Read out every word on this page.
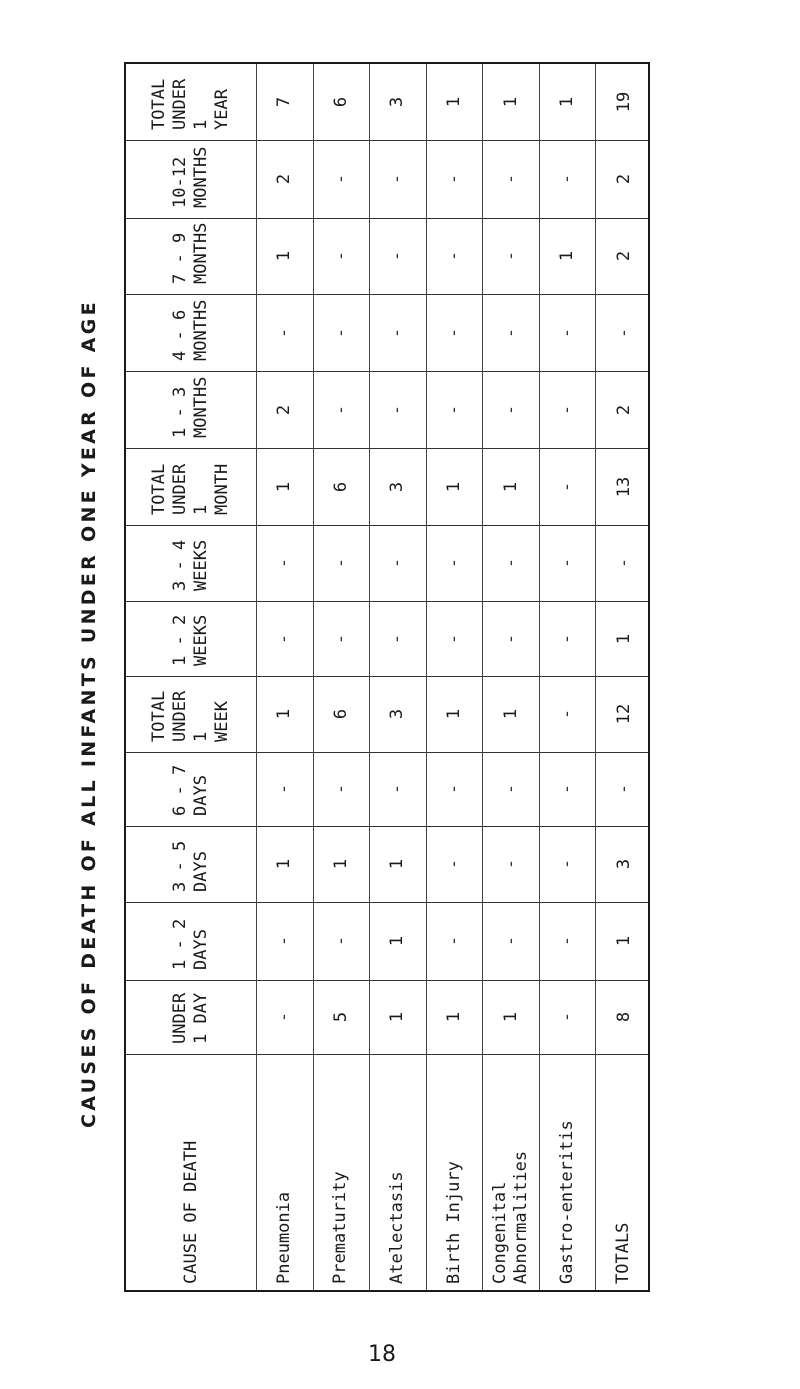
CAUSES OF DEATH OF ALL INFANTS UNDER ONE YEAR OF AGE
TOTAL UNDER 1 YEAR
10-12 MONTHS
7 - 9 MONTHS
4 - 6 MONTHS
1 - 3 MONTHS
TOTAL UNDER 1 MONTH
3 - 4 WEEKS
1 - 2 WEEKS
TOTAL UNDER 1 WEEK
6 - 7 DAYS
3 - 5 DAYS
1 - 2 DAYS
UNDER 1 DAY
CAUSE OF DEATH	Pneumonia Prematurity Atelectasis Birth Injury Congenital Abnormalities Gastro-enteritis TOTALS
7
2
1
-
2
1
-
-
1
-
1
-
-
6
-
-
-
-
6
-
-
6
-
1
-
5
3
-
-
-
-
3
-
-
3
-
1
1
1
1
-
-
-
-
1
-
-
1
-
-
-
1
1
-
-
-
-
1
-
-
1
-
-
-
1
1
-
1
-
-
-
-
-
-
-
-
-
-
19
2
2
-
2
13
-
1
12
-
3
1
8
18
